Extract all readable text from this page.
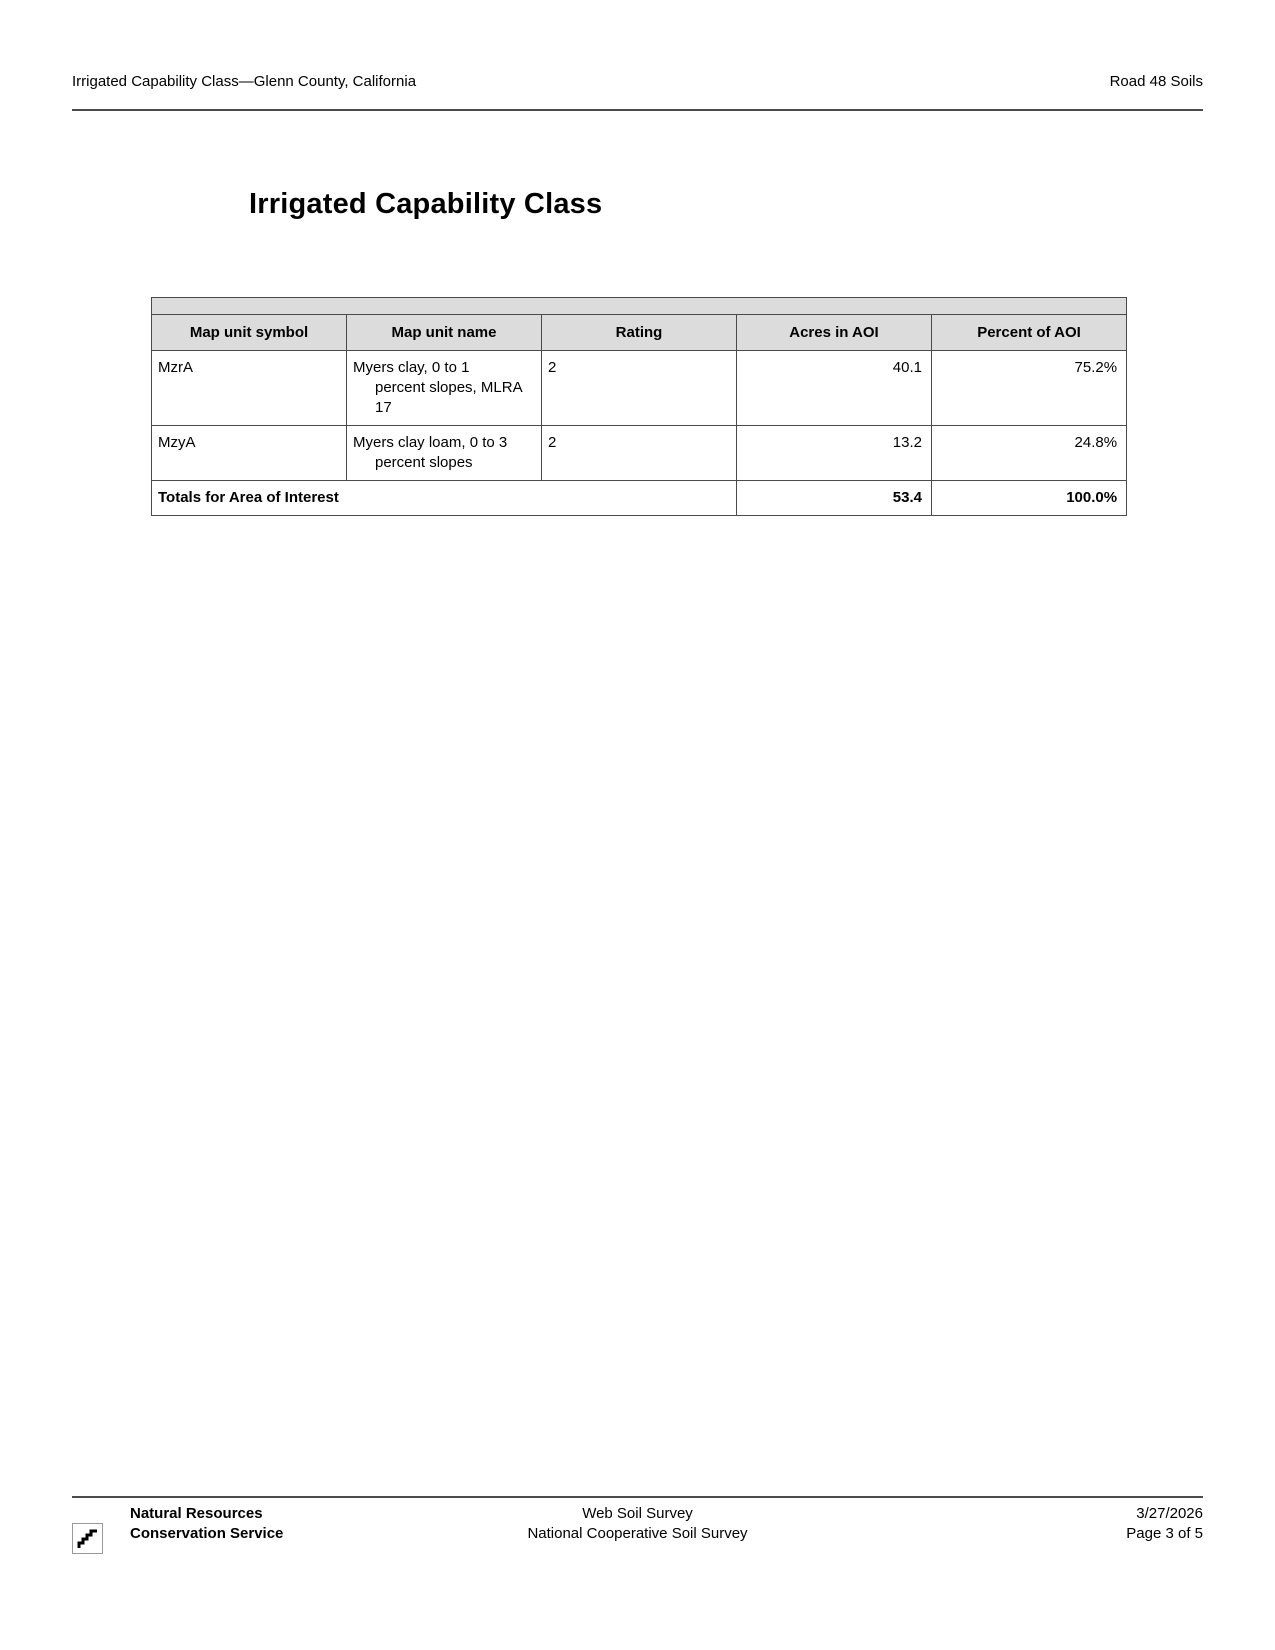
Irrigated Capability Class—Glenn County, California	Road 48 Soils
Irrigated Capability Class

Map unit symbol	Map unit name	Rating	Acres in AOI	Percent of AOI
MzrA	Myers clay, 0 to 1
percent slopes, MLRA
17	2	40.1	75.2%
MzyA	Myers clay loam, 0 to 3
percent slopes	2	13.2	24.8%
Totals for Area of Interest			53.4	100.0%
Natural Resources
Conservation Service
Web Soil Survey
National Cooperative Soil Survey
3/27/2026
Page 3 of 5
